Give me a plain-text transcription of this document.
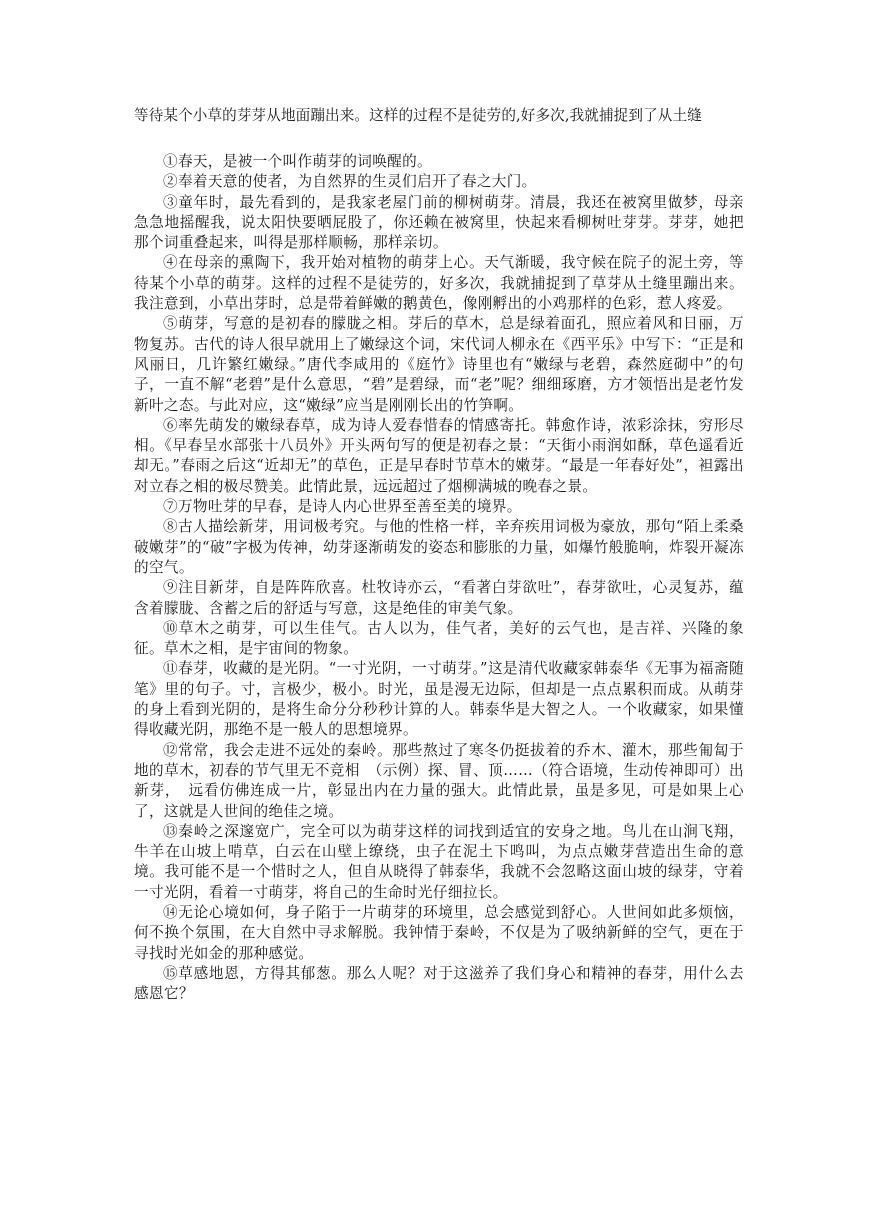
等待某个小草的芽芽从地面蹦出来。这样的过程不是徒劳的,好多次,我就捕捉到了从土缝

①春天，是被一个叫作萌芽的词唤醒的。

②奉着天意的使者，为自然界的生灵们启开了春之大门。

③童年时，最先看到的，是我家老屋门前的柳树萌芽。清晨，我还在被窝里做梦，母亲急急地摇醒我，说太阳快要晒屁股了，你还赖在被窝里，快起来看柳树吐芽芽。芽芽，她把那个词重叠起来，叫得是那样顺畅，那样亲切。

④在母亲的熏陶下，我开始对植物的萌芽上心。天气渐暖，我守候在院子的泥土旁，等待某个小草的萌芽。这样的过程不是徒劳的，好多次，我就捕捉到了草芽从土缝里蹦出来。我注意到，小草出芽时，总是带着鲜嫩的鹅黄色，像刚孵出的小鸡那样的色彩，惹人疼爱。

⑤萌芽，写意的是初春的朦胧之相。芽后的草木，总是绿着面孔，照应着风和日丽，万物复苏。古代的诗人很早就用上了嫩绿这个词，宋代词人柳永在《西平乐》中写下：“正是和风丽日，几许繁红嫩绿。”唐代李咸用的《庭竹》诗里也有“嫩绿与老碧，森然庭砌中”的句子，一直不解“老碧”是什么意思，“碧”是碧绿，而“老”呢？细细琢磨，方才领悟出是老竹发新叶之态。与此对应，这“嫩绿”应当是刚刚长出的竹笋啊。

⑥率先萌发的嫩绿春草，成为诗人爱春惜春的情感寄托。韩愈作诗，浓彩涂抹，穷形尽相。《早春呈水部张十八员外》开头两句写的便是初春之景：“天街小雨润如酥，草色遥看近却无。”春雨之后这“近却无”的草色，正是早春时节草木的嫩芽。“最是一年春好处”，袒露出对立春之相的极尽赞美。此情此景，远远超过了烟柳满城的晚春之景。

⑦万物吐芽的早春，是诗人内心世界至善至美的境界。

⑧古人描绘新芽，用词极考究。与他的性格一样，辛弃疾用词极为豪放，那句“陌上柔桑破嫩芽”的“破”字极为传神，幼芽逐渐萌发的姿态和膨胀的力量，如爆竹般脆响，炸裂开凝冻的空气。

⑨注目新芽，自是阵阵欣喜。杜牧诗亦云，“看著白芽欲吐”，春芽欲吐，心灵复苏，蕴含着朦胧、含蓄之后的舒适与写意，这是绝佳的审美气象。

⑩草木之萌芽，可以生佳气。古人以为，佳气者，美好的云气也，是吉祥、兴隆的象征。草木之相，是宇宙间的物象。

⑪春芽，收藏的是光阴。“一寸光阴，一寸萌芽。”这是清代收藏家韩泰华《无事为福斋随笔》里的句子。寸，言极少，极小。时光，虽是漫无边际，但却是一点点累积而成。从萌芽的身上看到光阴的，是将生命分分秒秒计算的人。韩泰华是大智之人。一个收藏家，如果懂得收藏光阴，那绝不是一般人的思想境界。

⑫常常，我会走进不远处的秦岭。那些熬过了寒冬仍挺拔着的乔木、灌木，那些匍匐于地的草木，初春的节气里无不竞相　（示例）探、冒、顶……（符合语境，生动传神即可）出新芽，　远看仿佛连成一片，彰显出内在力量的强大。此情此景，虽是多见，可是如果上心了，这就是人世间的绝佳之境。

⑬秦岭之深邃宽广，完全可以为萌芽这样的词找到适宜的安身之地。鸟儿在山涧飞翔，牛羊在山坡上啃草，白云在山壁上缭绕，虫子在泥土下鸣叫，为点点嫩芽营造出生命的意境。我可能不是一个惜时之人，但自从晓得了韩泰华，我就不会忽略这面山坡的绿芽，守着一寸光阴，看着一寸萌芽，将自己的生命时光仔细拉长。

⑭无论心境如何，身子陷于一片萌芽的环境里，总会感觉到舒心。人世间如此多烦恼，何不换个氛围，在大自然中寻求解脱。我钟情于秦岭，不仅是为了吸纳新鲜的空气，更在于寻找时光如金的那种感觉。

⑮草感地恩，方得其郁葱。那么人呢？对于这滋养了我们身心和精神的春芽，用什么去感恩它？
